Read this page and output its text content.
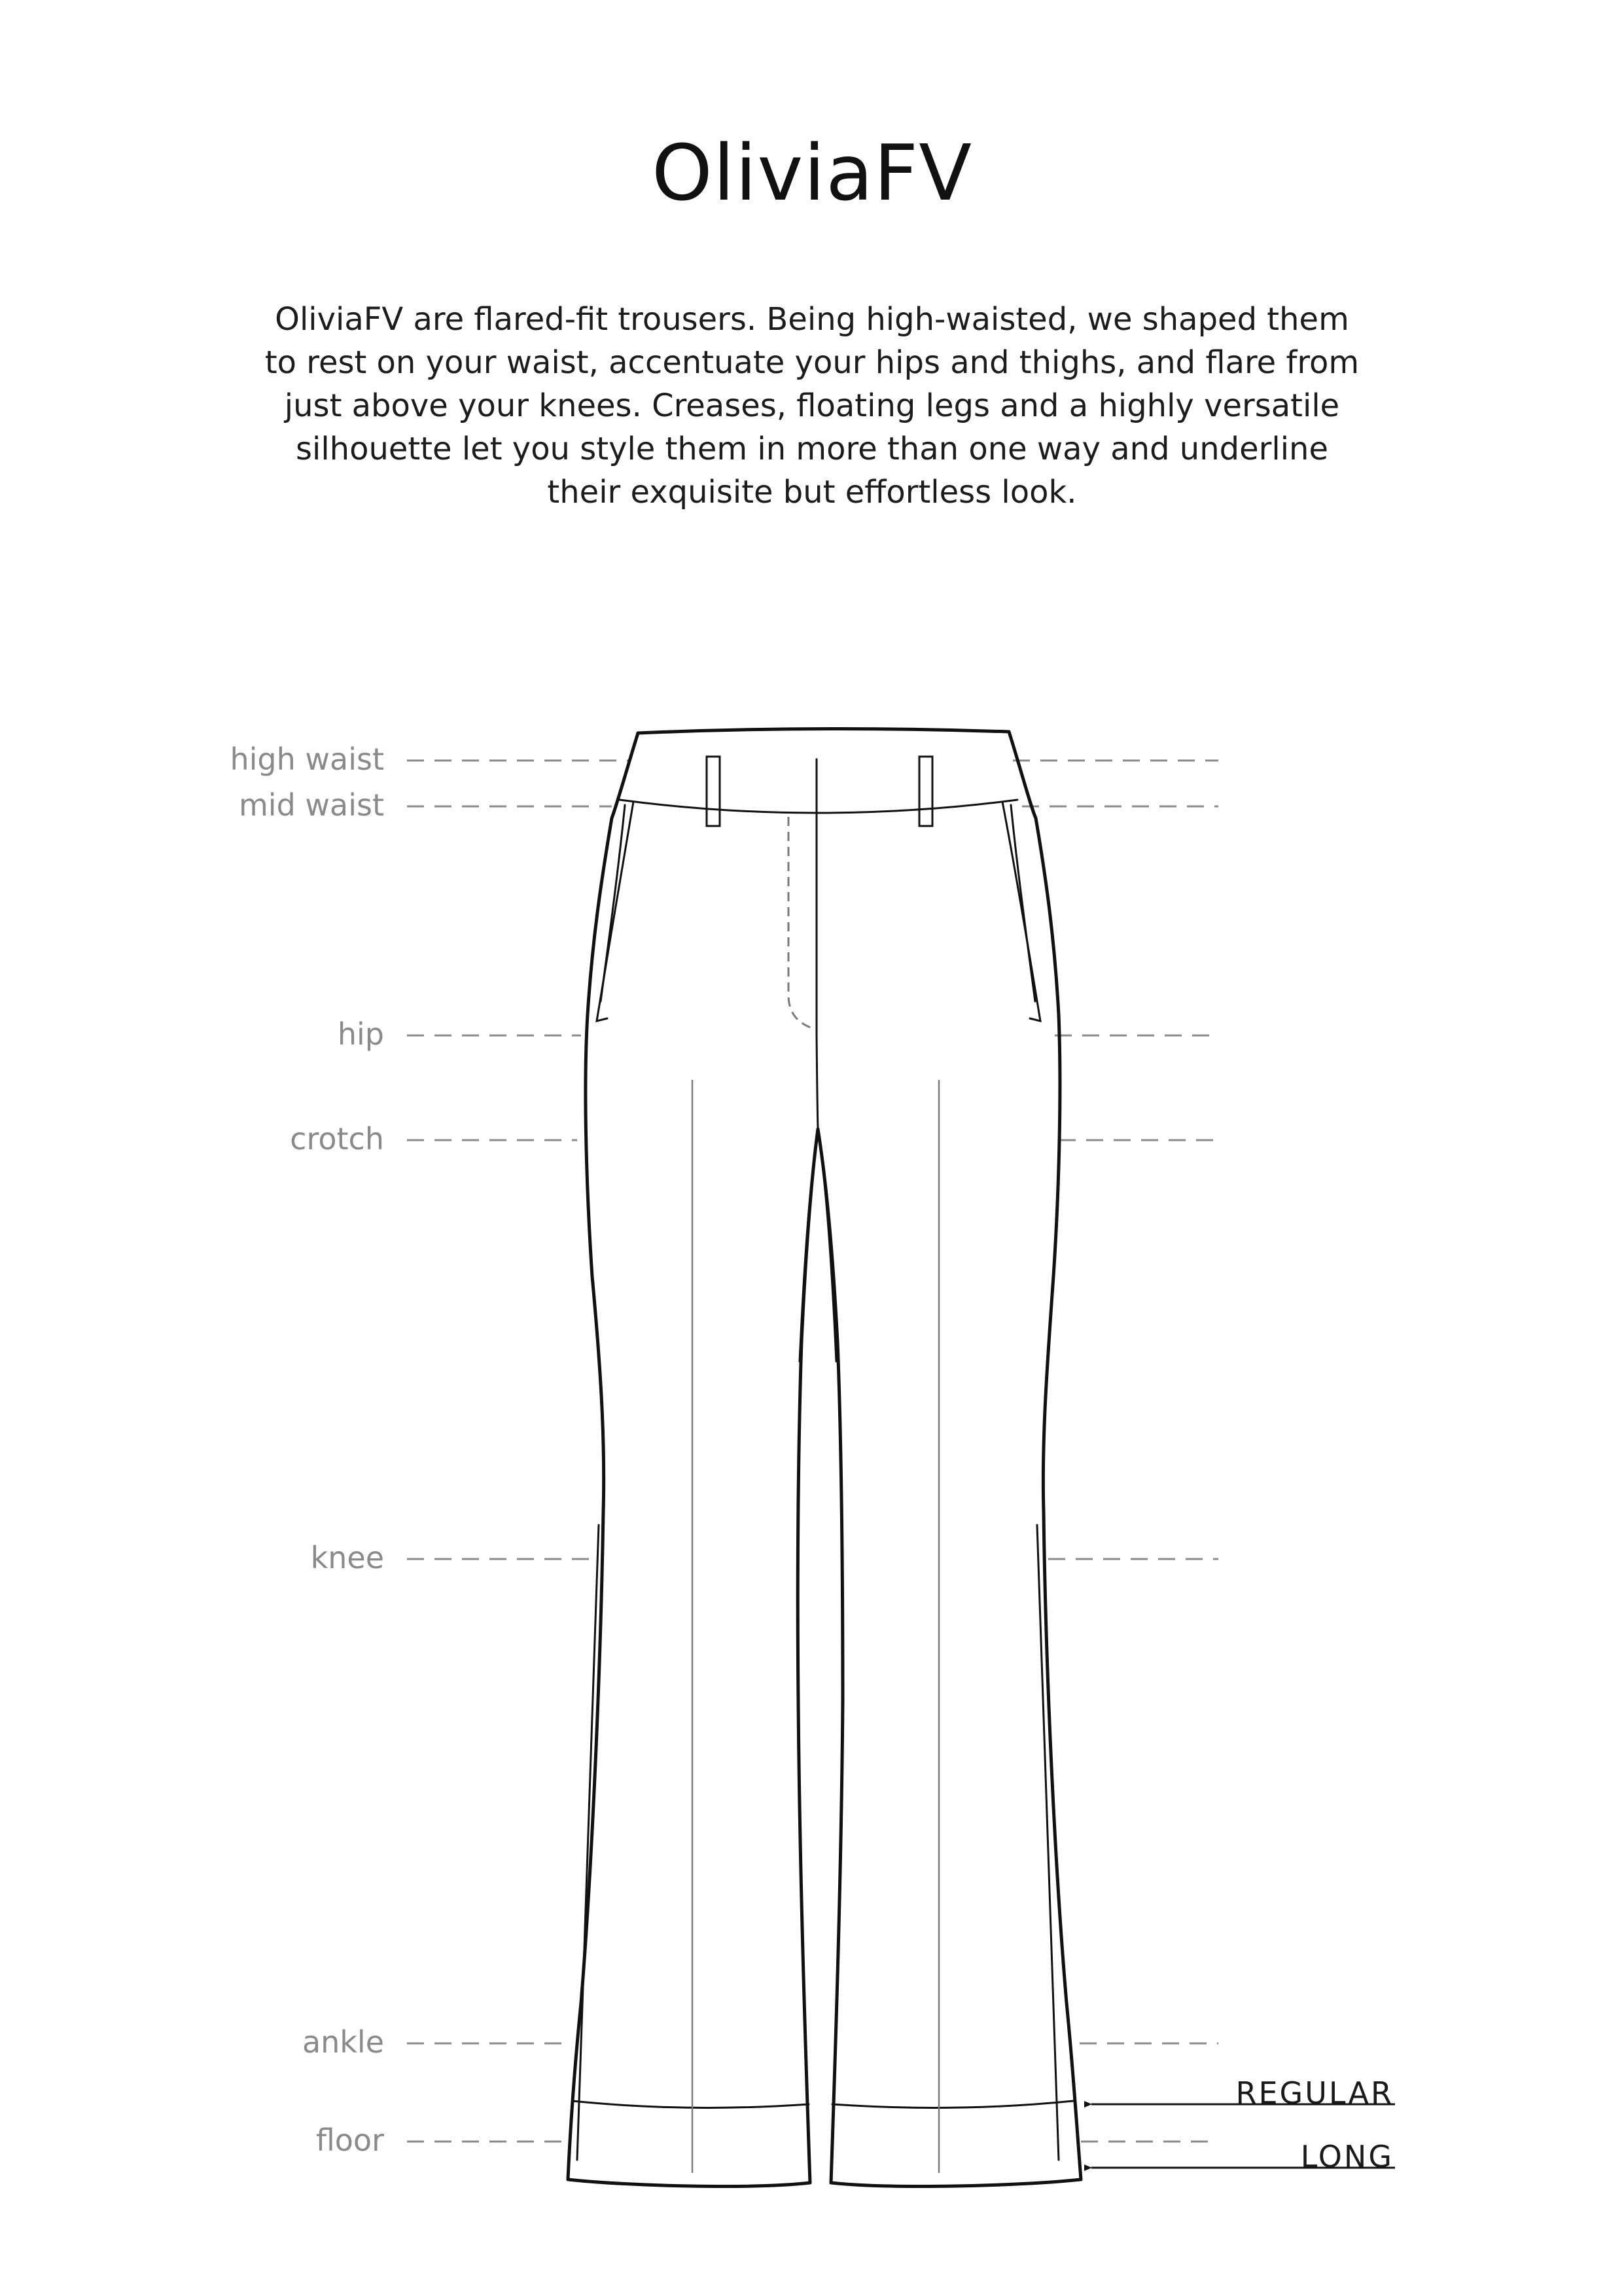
OliviaFV

OliviaFV are flared-fit trousers. Being high-waisted, we shaped them
to rest on your waist, accentuate your hips and thighs, and flare from
just above your knees. Creases, floating legs and a highly versatile
silhouette let you style them in more than one way and underline
their exquisite but effortless look.

high waist
mid waist
hip
crotch
knee
ankle
floor
REGULAR
LONG
